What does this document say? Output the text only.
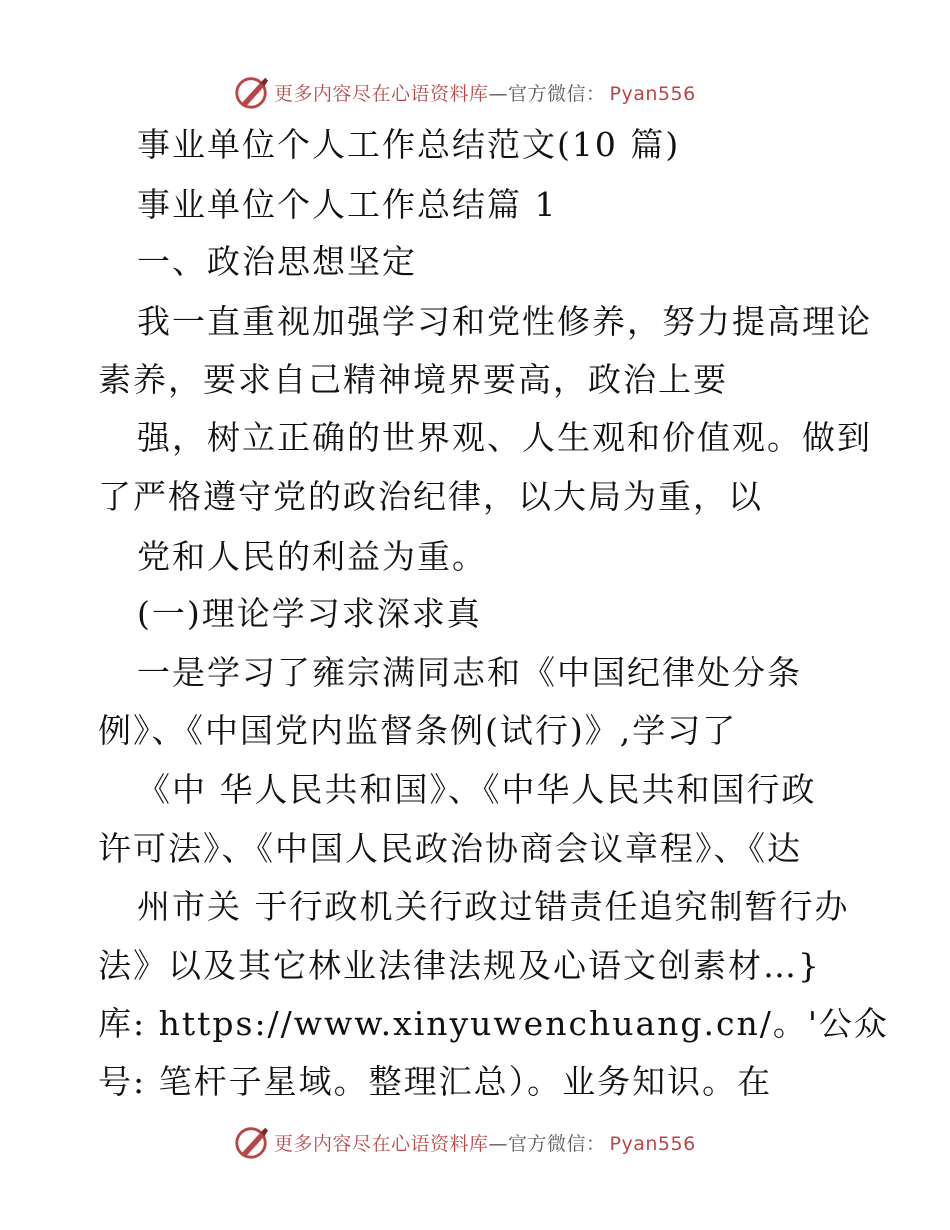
更多内容尽在心语资料库—官方微信： Pyan556
事业单位个人工作总结范文(10 篇)
事业单位个人工作总结篇 1
一、政治思想坚定
我一直重视加强学习和党性修养，努力提高理论
素养，要求自己精神境界要高，政治上要
强，树立正确的世界观、人生观和价值观。做到
了严格遵守党的政治纪律，以大局为重，以
党和人民的利益为重。
(一)理论学习求深求真
一是学习了雍宗满同志和《中国纪律处分条
例》、《中国党内监督条例(试行)》,学习了
《中 华人民共和国》、《中华人民共和国行政
许可法》、《中国人民政治协商会议章程》、《达
州市关 于行政机关行政过错责任追究制暂行办
法》以及其它林业法律法规及心语文创素材…}
库: https://www.xinyuwenchuang.cn/。'公众
号: 笔杆子星域。整理汇总）。业务知识。在
更多内容尽在心语资料库—官方微信： Pyan556
